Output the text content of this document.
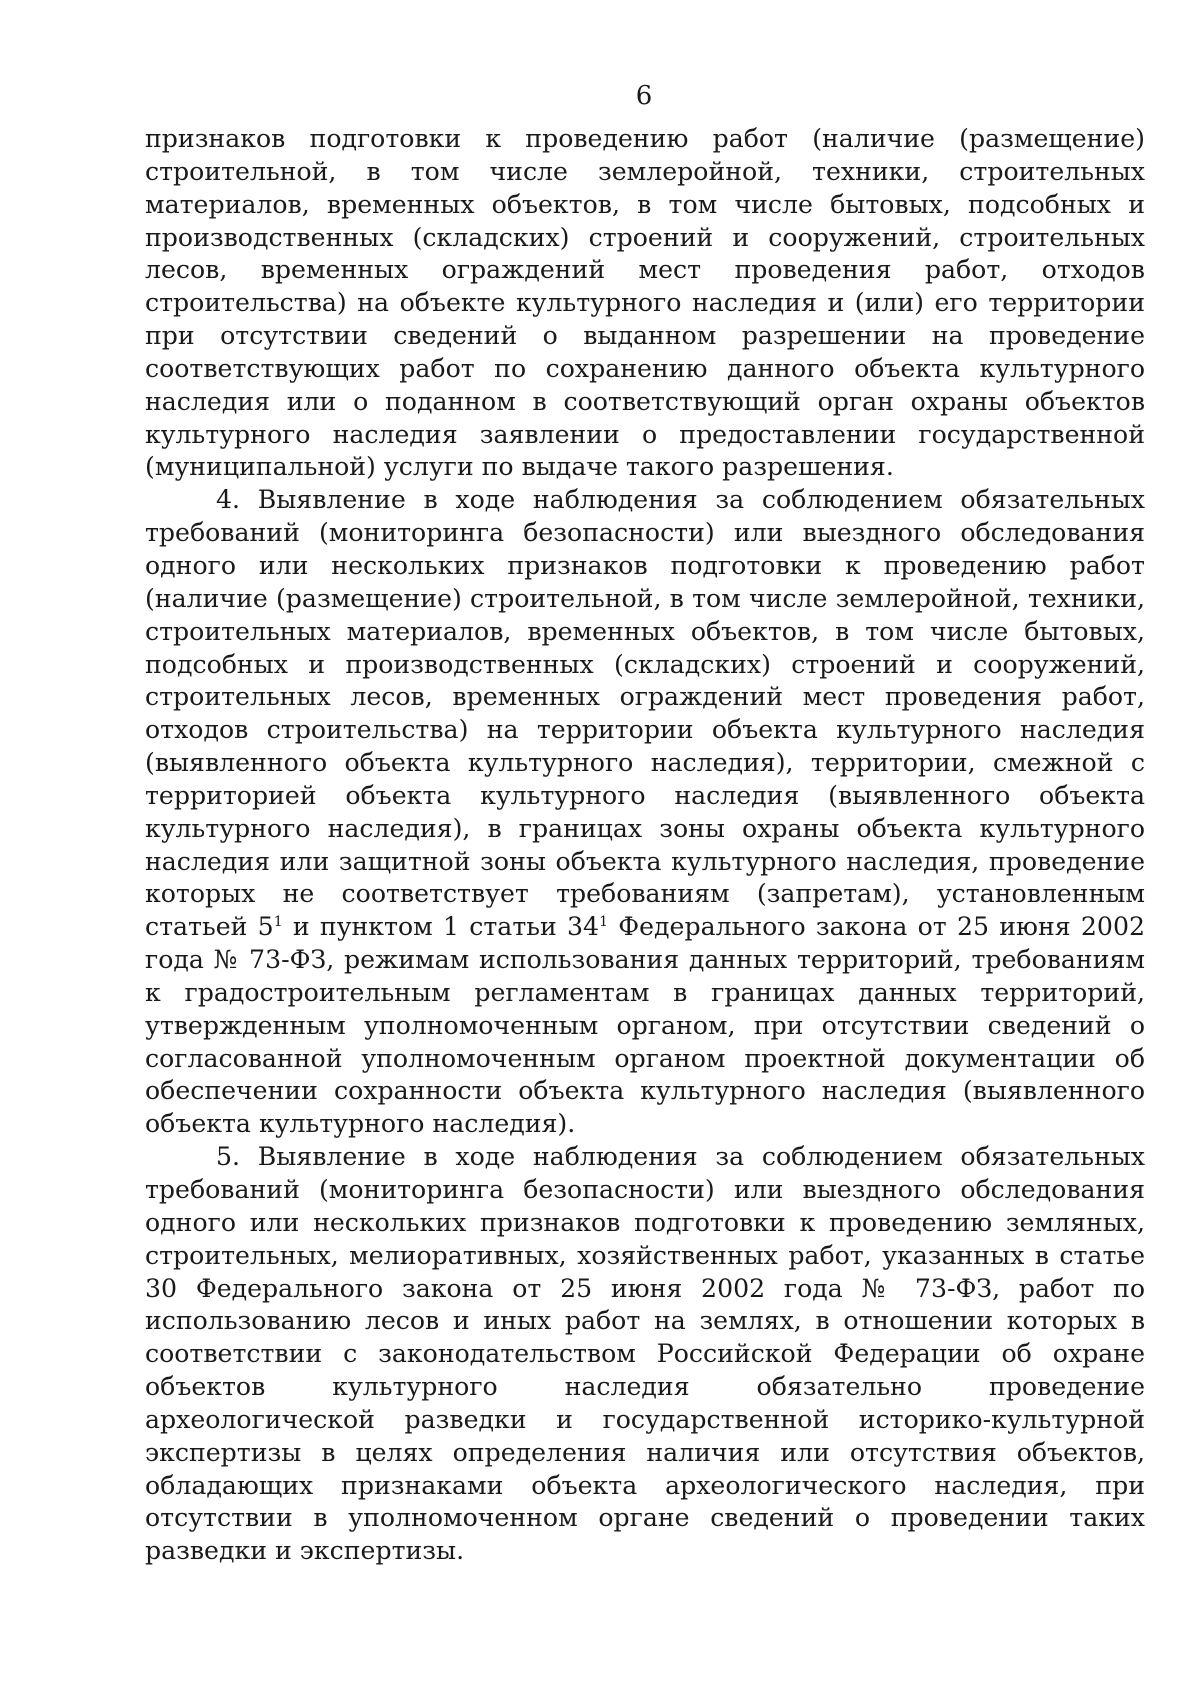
6

признаков подготовки к проведению работ (наличие (размещение) строительной, в том числе землеройной, техники, строительных материалов, временных объектов, в том числе бытовых, подсобных и производственных (складских) строений и сооружений, строительных лесов, временных ограждений мест проведения работ, отходов строительства) на объекте культурного наследия и (или) его территории при отсутствии сведений о выданном разрешении на проведение соответствующих работ по сохранению данного объекта культурного наследия или о поданном в соответствующий орган охраны объектов культурного наследия заявлении о предоставлении государственной (муниципальной) услуги по выдаче такого разрешения.

4. Выявление в ходе наблюдения за соблюдением обязательных требований (мониторинга безопасности) или выездного обследования одного или нескольких признаков подготовки к проведению работ (наличие (размещение) строительной, в том числе землеройной, техники, строительных материалов, временных объектов, в том числе бытовых, подсобных и производственных (складских) строений и сооружений, строительных лесов, временных ограждений мест проведения работ, отходов строительства) на территории объекта культурного наследия (выявленного объекта культурного наследия), территории, смежной с территорией объекта культурного наследия (выявленного объекта культурного наследия), в границах зоны охраны объекта культурного наследия или защитной зоны объекта культурного наследия, проведение которых не соответствует требованиям (запретам), установленным статьей $5^1$ и пунктом 1 статьи $34^1$ Федерального закона от 25 июня 2002 года № 73-ФЗ, режимам использования данных территорий, требованиям к градостроительным регламентам в границах данных территорий, утвержденным уполномоченным органом, при отсутствии сведений о согласованной уполномоченным органом проектной документации об обеспечении сохранности объекта культурного наследия (выявленного объекта культурного наследия).

5. Выявление в ходе наблюдения за соблюдением обязательных требований (мониторинга безопасности) или выездного обследования одного или нескольких признаков подготовки к проведению земляных, строительных, мелиоративных, хозяйственных работ, указанных в статье 30 Федерального закона от 25 июня 2002 года № 73-ФЗ, работ по использованию лесов и иных работ на землях, в отношении которых в соответствии с законодательством Российской Федерации об охране объектов культурного наследия обязательно проведение археологической разведки и государственной историко-культурной экспертизы в целях определения наличия или отсутствия объектов, обладающих признаками объекта археологического наследия, при отсутствии в уполномоченном органе сведений о проведении таких разведки и экспертизы.
